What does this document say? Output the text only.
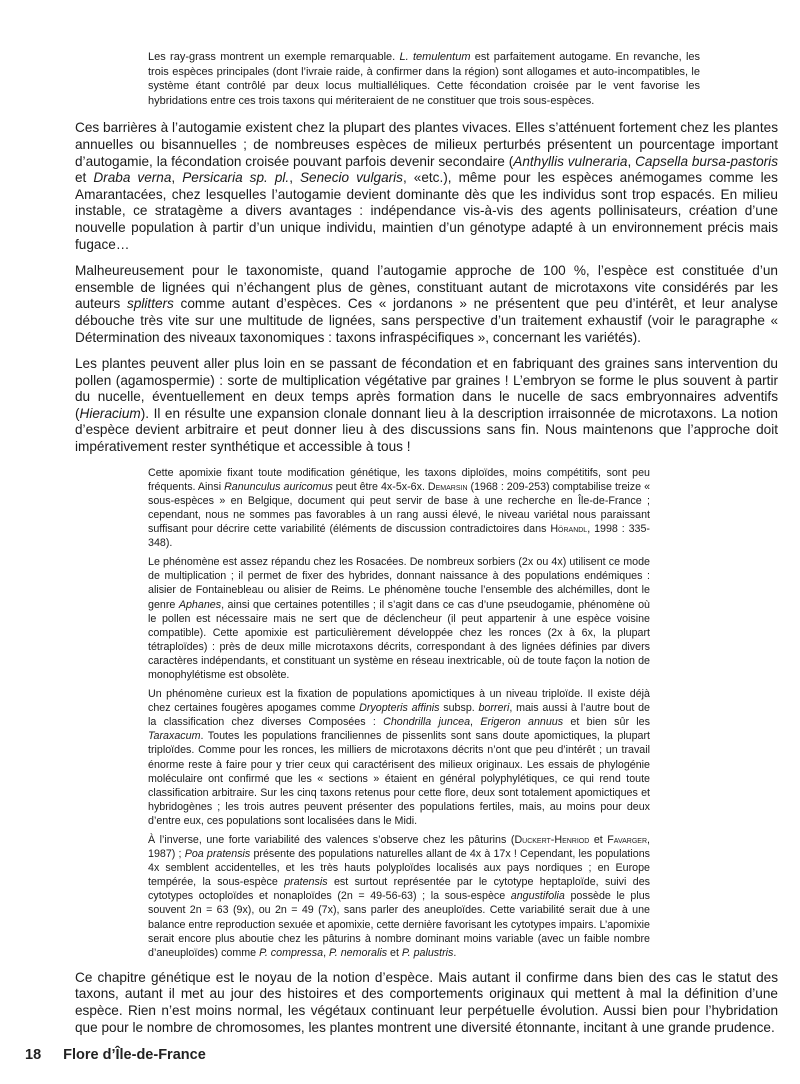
Les ray-grass montrent un exemple remarquable. L. temulentum est parfaitement autogame. En revanche, les trois espèces principales (dont l’ivraie raide, à confirmer dans la région) sont allogames et auto-incompatibles, le système étant contrôlé par deux locus multialléliques. Cette fécondation croisée par le vent favorise les hybridations entre ces trois taxons qui mériteraient de ne constituer que trois sous-espèces.

Ces barrières à l’autogamie existent chez la plupart des plantes vivaces. Elles s’atténuent fortement chez les plantes annuelles ou bisannuelles ; de nombreuses espèces de milieux perturbés présentent un pourcentage important d’autogamie, la fécondation croisée pouvant parfois devenir secondaire (Anthyllis vulneraria, Capsella bursa-pastoris et Draba verna, Persicaria sp. pl., Senecio vulgaris, «etc.), même pour les espèces anémogames comme les Amarantacées, chez lesquelles l’autogamie devient dominante dès que les individus sont trop espacés. En milieu instable, ce stratagème a divers avantages : indépendance vis-à-vis des agents pollinisateurs, création d’une nouvelle population à partir d’un unique individu, maintien d’un génotype adapté à un environnement précis mais fugace…

Malheureusement pour le taxonomiste, quand l’autogamie approche de 100 %, l’espèce est constituée d’un ensemble de lignées qui n’échangent plus de gènes, constituant autant de microtaxons vite considérés par les auteurs splitters comme autant d’espèces. Ces « jordanons » ne présentent que peu d’intérêt, et leur analyse débouche très vite sur une multitude de lignées, sans perspective d’un traitement exhaustif (voir le paragraphe « Détermination des niveaux taxonomiques : taxons infraspécifiques », concernant les variétés).

Les plantes peuvent aller plus loin en se passant de fécondation et en fabriquant des graines sans intervention du pollen (agamospermie) : sorte de multiplication végétative par graines ! L’embryon se forme le plus souvent à partir du nucelle, éventuellement en deux temps après formation dans le nucelle de sacs embryonnaires adventifs (Hieracium). Il en résulte une expansion clonale donnant lieu à la description irraisonnée de microtaxons. La notion d’espèce devient arbitraire et peut donner lieu à des discussions sans fin. Nous maintenons que l’approche doit impérativement rester synthétique et accessible à tous !

Cette apomixie fixant toute modification génétique, les taxons diploïdes, moins compétitifs, sont peu fréquents. Ainsi Ranunculus auricomus peut être 4x-5x-6x. Demarsin (1968 : 209-253) comptabilise treize « sous-espèces » en Belgique, document qui peut servir de base à une recherche en Île-de-France ; cependant, nous ne sommes pas favorables à un rang aussi élevé, le niveau variétal nous paraissant suffisant pour décrire cette variabilité (éléments de discussion contradictoires dans Hörandl, 1998 : 335-348).

Le phénomène est assez répandu chez les Rosacées. De nombreux sorbiers (2x ou 4x) utilisent ce mode de multiplication ; il permet de fixer des hybrides, donnant naissance à des populations endémiques : alisier de Fontainebleau ou alisier de Reims. Le phénomène touche l’ensemble des alchémilles, dont le genre Aphanes, ainsi que certaines potentilles ; il s’agit dans ce cas d’une pseudogamie, phénomène où le pollen est nécessaire mais ne sert que de déclencheur (il peut appartenir à une espèce voisine compatible). Cette apomixie est particulièrement développée chez les ronces (2x à 6x, la plupart tétraploïdes) : près de deux mille microtaxons décrits, correspondant à des lignées définies par divers caractères indépendants, et constituant un système en réseau inextricable, où de toute façon la notion de monophylétisme est obsolète.

Un phénomène curieux est la fixation de populations apomictiques à un niveau triploïde. Il existe déjà chez certaines fougères apogames comme Dryopteris affinis subsp. borreri, mais aussi à l’autre bout de la classification chez diverses Composées : Chondrilla juncea, Erigeron annuus et bien sûr les Taraxacum. Toutes les populations franciliennes de pissenlits sont sans doute apomictiques, la plupart triploïdes. Comme pour les ronces, les milliers de microtaxons décrits n’ont que peu d’intérêt ; un travail énorme reste à faire pour y trier ceux qui caractérisent des milieux originaux. Les essais de phylogénie moléculaire ont confirmé que les « sections » étaient en général polyphylétiques, ce qui rend toute classification arbitraire. Sur les cinq taxons retenus pour cette flore, deux sont totalement apomictiques et hybridogènes ; les trois autres peuvent présenter des populations fertiles, mais, au moins pour deux d’entre eux, ces populations sont localisées dans le Midi.

À l’inverse, une forte variabilité des valences s’observe chez les pâturins (Duckert-Henriod et Favarger, 1987) ; Poa pratensis présente des populations naturelles allant de 4x à 17x ! Cependant, les populations 4x semblent accidentelles, et les très hauts polyploïdes localisés aux pays nordiques ; en Europe tempérée, la sous-espèce pratensis est surtout représentée par le cytotype heptaploïde, suivi des cytotypes octoploïdes et nonaploïdes (2n = 49-56-63) ; la sous-espèce angustifolia possède le plus souvent 2n = 63 (9x), ou 2n = 49 (7x), sans parler des aneuploïdes. Cette variabilité serait due à une balance entre reproduction sexuée et apomixie, cette dernière favorisant les cytotypes impairs. L’apomixie serait encore plus aboutie chez les pâturins à nombre dominant moins variable (avec un faible nombre d’aneuploïdes) comme P. compressa, P. nemoralis et P. palustris.

Ce chapitre génétique est le noyau de la notion d’espèce. Mais autant il confirme dans bien des cas le statut des taxons, autant il met au jour des histoires et des comportements originaux qui mettent à mal la définition d’une espèce. Rien n’est moins normal, les végétaux continuant leur perpétuelle évolution. Aussi bien pour l’hybridation que pour le nombre de chromosomes, les plantes montrent une diversité étonnante, incitant à une grande prudence.

18 Flore d’Île-de-France
